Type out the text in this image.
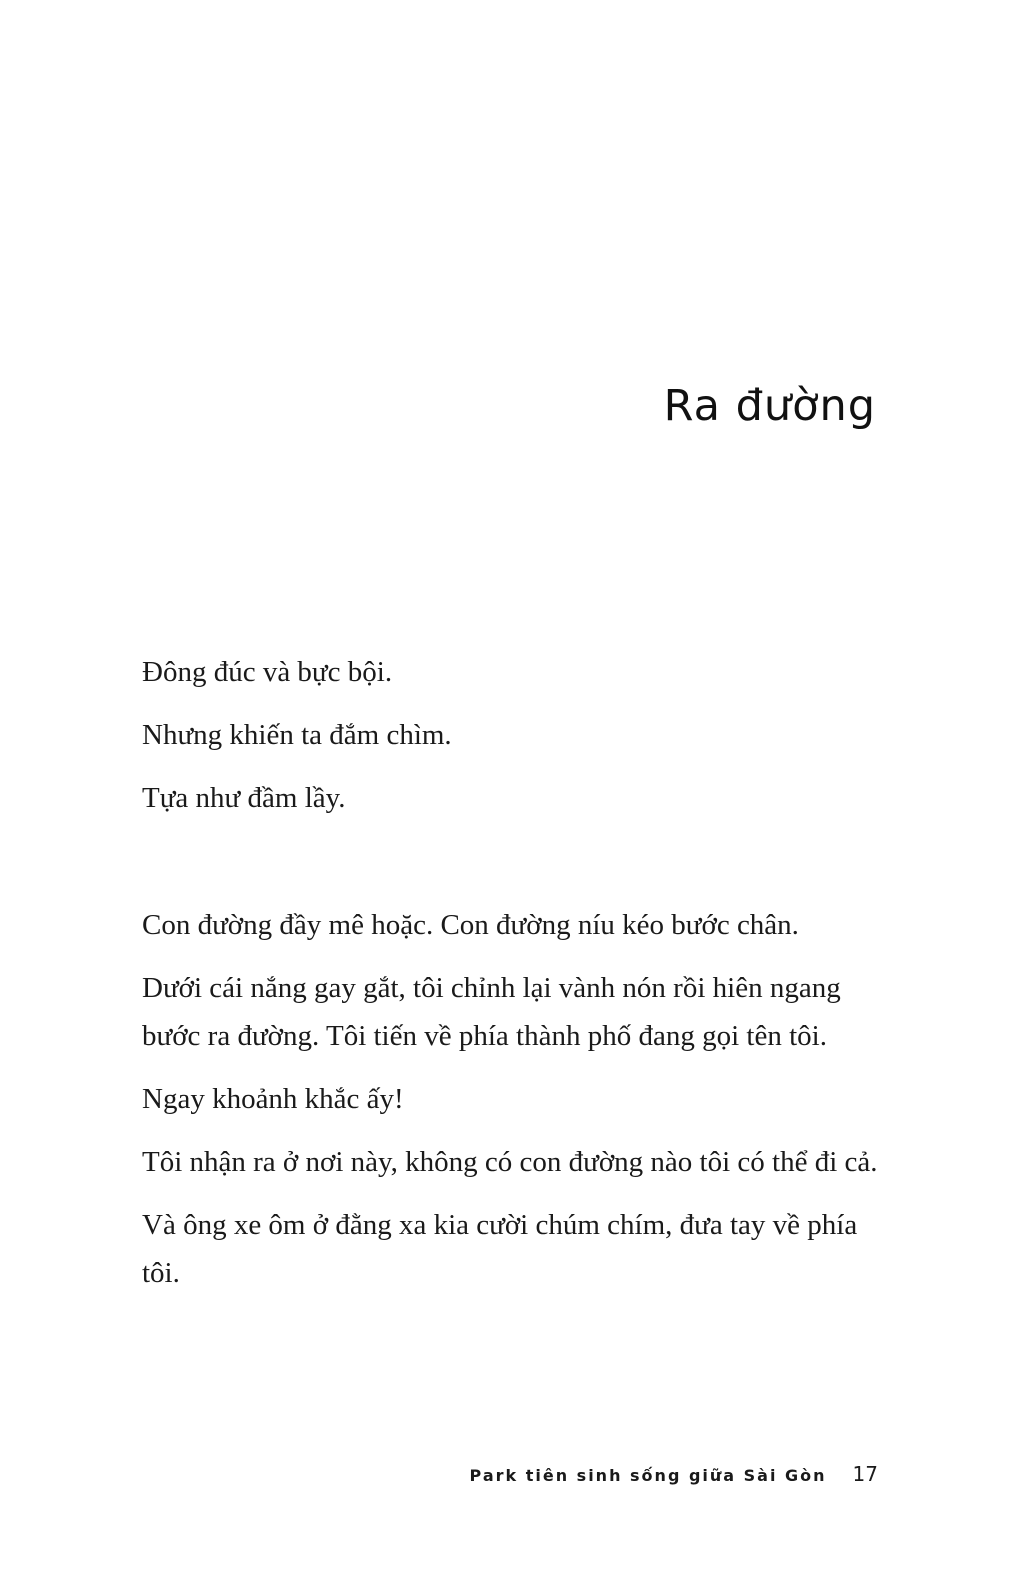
Ra đường

Đông đúc và bực bội.

Nhưng khiến ta đắm chìm.

Tựa như đầm lầy.

Con đường đầy mê hoặc. Con đường níu kéo bước chân.

Dưới cái nắng gay gắt, tôi chỉnh lại vành nón rồi hiên ngang bước ra đường. Tôi tiến về phía thành phố đang gọi tên tôi.

Ngay khoảnh khắc ấy!

Tôi nhận ra ở nơi này, không có con đường nào tôi có thể đi cả.

Và ông xe ôm ở đằng xa kia cười chúm chím, đưa tay về phía tôi.

Park tiên sinh sống giữa Sài Gòn 17
